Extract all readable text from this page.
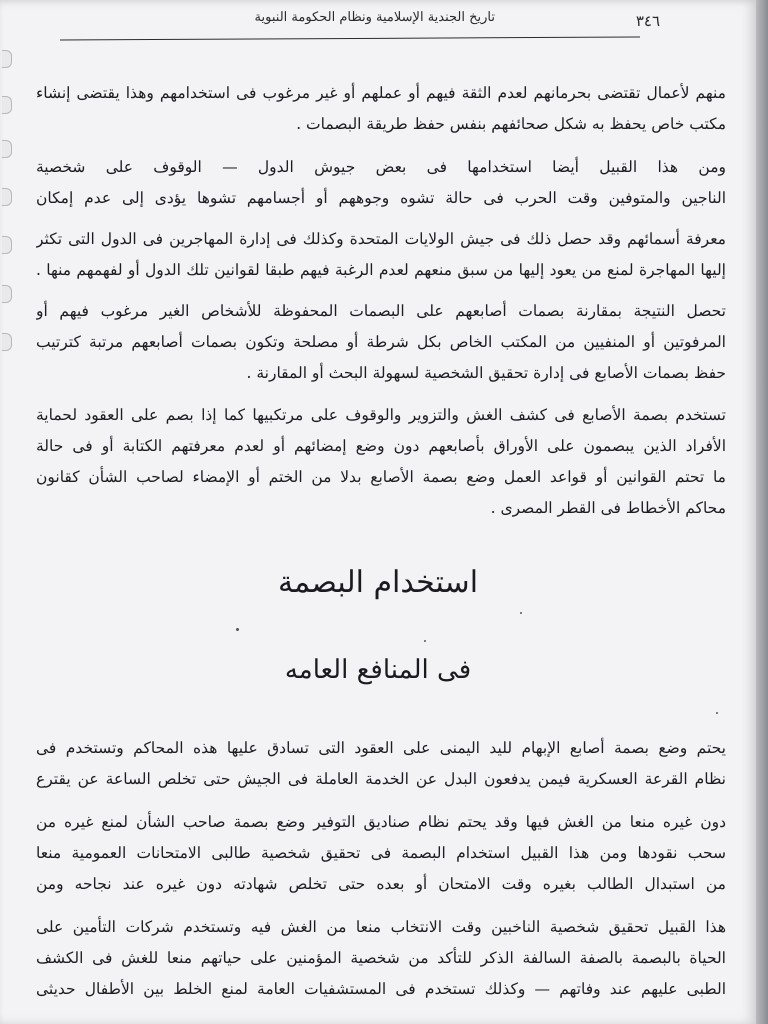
٣٤٦
تاريخ الجندية الإسلامية ونظام الحكومة النبوية
منهم لأعمال تقتضى بحرمانهم لعدم الثقة فيهم أو عملهم أو غير مرغوب فى استخدامهم وهذا يقتضى إنشاء
مكتب خاص يحفظ به شكل صحائفهم بنفس حفظ طريقة البصمات .
ومن هذا القبيل أيضا استخدامها فى بعض جيوش الدول — الوقوف على شخصية
الناجين والمتوفين وقت الحرب فى حالة تشوه وجوههم أو أجسامهم تشوها يؤدى إلى عدم إمكان
معرفة أسمائهم وقد حصل ذلك فى جيش الولايات المتحدة وكذلك فى إدارة المهاجرين فى الدول التى تكثر
إليها المهاجرة لمنع من يعود إليها من سبق منعهم لعدم الرغبة فيهم طبقا لقوانين تلك الدول أو لفهمهم منها .
تحصل النتيجة بمقارنة بصمات أصابعهم على البصمات المحفوظة للأشخاص الغير مرغوب فيهم أو
المرفوتين أو المنفيين من المكتب الخاص بكل شرطة أو مصلحة وتكون بصمات أصابعهم مرتبة كترتيب
حفظ بصمات الأصابع فى إدارة تحقيق الشخصية لسهولة البحث أو المقارنة .
تستخدم بصمة الأصابع فى كشف الغش والتزوير والوقوف على مرتكبيها كما إذا بصم على العقود لحماية
الأفراد الذين يبصمون على الأوراق بأصابعهم دون وضع إمضائهم أو لعدم معرفتهم الكتابة أو فى حالة
ما تحتم القوانين أو قواعد العمل وضع بصمة الأصابع بدلا من الختم أو الإمضاء لصاحب الشأن كقانون
محاكم الأخطاط فى القطر المصرى .
استخدام البصمة
فى المنافع العامه
يحتم وضع بصمة أصابع الإبهام لليد اليمنى على العقود التى تسادق عليها هذه المحاكم وتستخدم فى
نظام القرعة العسكرية فيمن يدفعون البدل عن الخدمة العاملة فى الجيش حتى تخلص الساعة عن يقترع
دون غيره منعا من الغش فيها وقد يحتم نظام صناديق التوفير وضع بصمة صاحب الشأن لمنع غيره من
سحب نقودها ومن هذا القبيل استخدام البصمة فى تحقيق شخصية طالبى الامتحانات العمومية منعا
من استبدال الطالب بغيره وقت الامتحان أو بعده حتى تخلص شهادته دون غيره عند نجاحه ومن
هذا القبيل تحقيق شخصية الناخبين وقت الانتخاب منعا من الغش فيه وتستخدم شركات التأمين على
الحياة بالبصمة بالصفة السالفة الذكر للتأكد من شخصية المؤمنين على حياتهم منعا للغش فى الكشف
الطبى عليهم عند وفاتهم — وكذلك تستخدم فى المستشفيات العامة لمنع الخلط بين الأطفال حديثى
